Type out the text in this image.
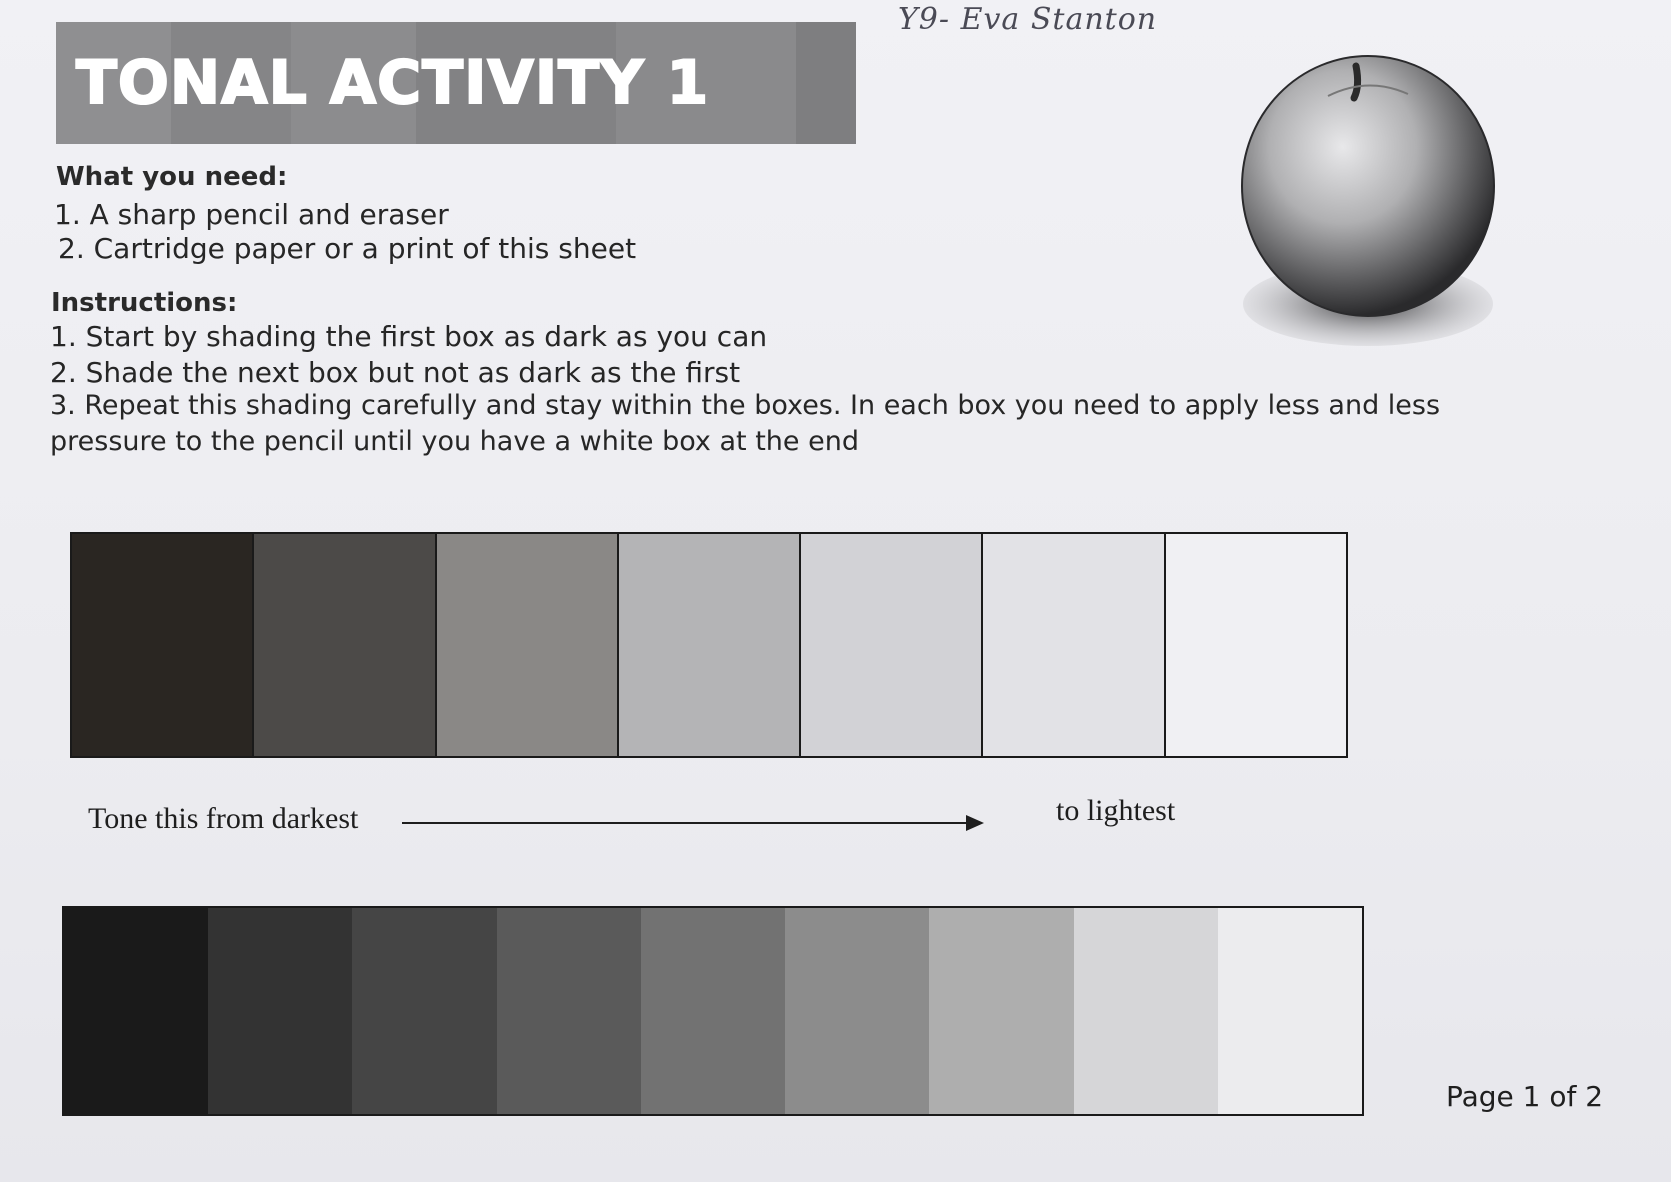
TONAL ACTIVITY 1
Y9- Eva Stanton
What you need:
1. A sharp pencil and eraser
2. Cartridge paper or a print of this sheet
Instructions:
1. Start by shading the first box as dark as you can
2. Shade the next box but not as dark as the first
3. Repeat this shading carefully and stay within the boxes. In each box you need to apply less and less
pressure to the pencil until you have a white box at the end
Tone this from darkest	to lightest
Page 1 of 2
